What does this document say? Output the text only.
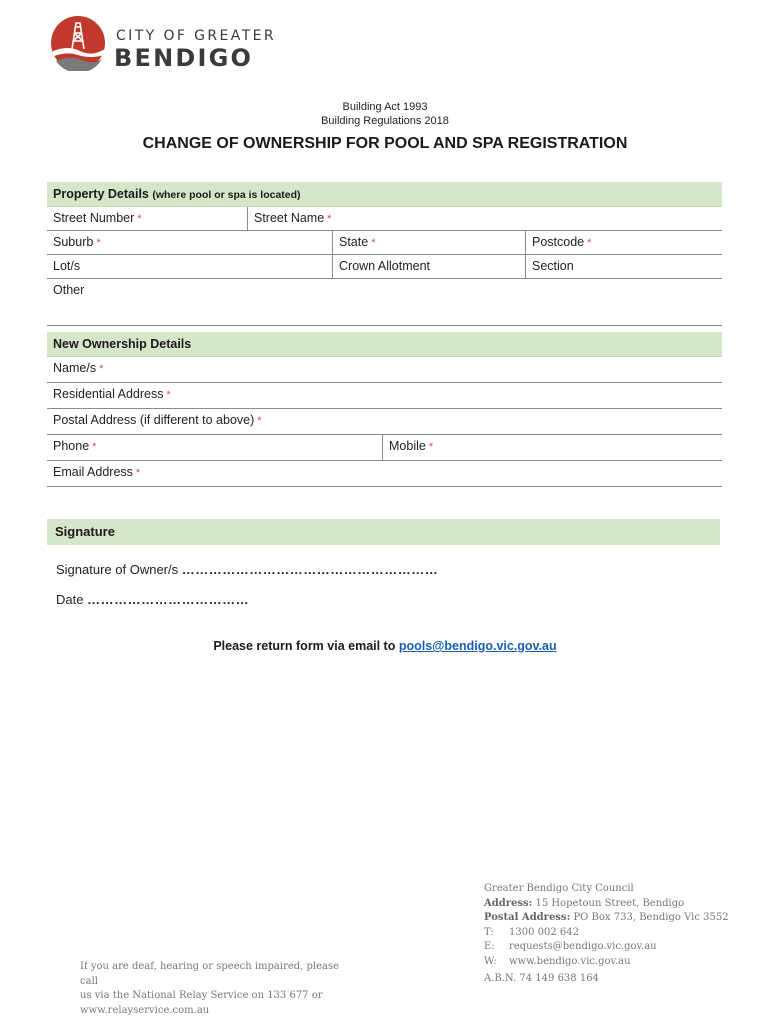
CITY OF GREATER
BENDIGO
Building Act 1993
Building Regulations 2018
CHANGE OF OWNERSHIP FOR POOL AND SPA REGISTRATION
Property Details (where pool or spa is located)
Street Number *	Street Name *
Suburb *	State *	Postcode *
Lot/s	Crown Allotment	Section
Other
New Ownership Details
Name/s *
Residential Address *
Postal Address (if different to above) *
Phone *	Mobile *
Email Address *
Signature
Signature of Owner/s …………………………………………………
Date ………………………………
Please return form via email to pools@bendigo.vic.gov.au
If you are deaf, hearing or speech impaired, please call
us via the National Relay Service on 133 677 or
www.relayservice.com.au
Greater Bendigo City Council
Address: 15 Hopetoun Street, Bendigo
Postal Address: PO Box 733, Bendigo Vic 3552
T:	1300 002 642
E:	requests@bendigo.vic.gov.au
W:	www.bendigo.vic.gov.au
A.B.N. 74 149 638 164
